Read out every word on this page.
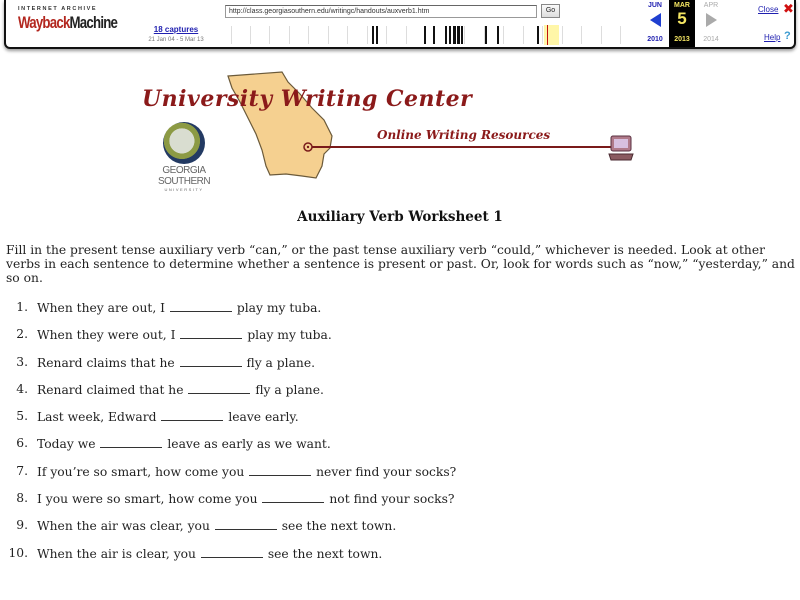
INTERNET ARCHIVE
WaybackMachine
http://class.georgiasouthern.edu/writingc/handouts/auxverb1.htm	Go
18 captures
21 Jan 04 - 5 Mar 13
JUN
2010
MAR
5
2013
APR
2014
Close ✖
Help ?
University Writing Center
Online Writing Resources
GEORGIA
SOUTHERN
UNIVERSITY
Auxiliary Verb Worksheet 1

Fill in the present tense auxiliary verb “can,” or the past tense auxiliary verb “could,” whichever is needed. Look at other verbs in each sentence to determine whether a sentence is present or past. Or, look for words such as “now,” “yesterday,” and so on.

1. When they are out, I	play my tuba.
2. When they were out, I	play my tuba.
3. Renard claims that he	fly a plane.
4. Renard claimed that he	fly a plane.
5. Last week, Edward	leave early.
6. Today we	leave as early as we want.
7. If you’re so smart, how come you	never find your socks?
8. I you were so smart, how come you	not find your socks?
9. When the air was clear, you	see the next town.
10. When the air is clear, you	see the next town.
